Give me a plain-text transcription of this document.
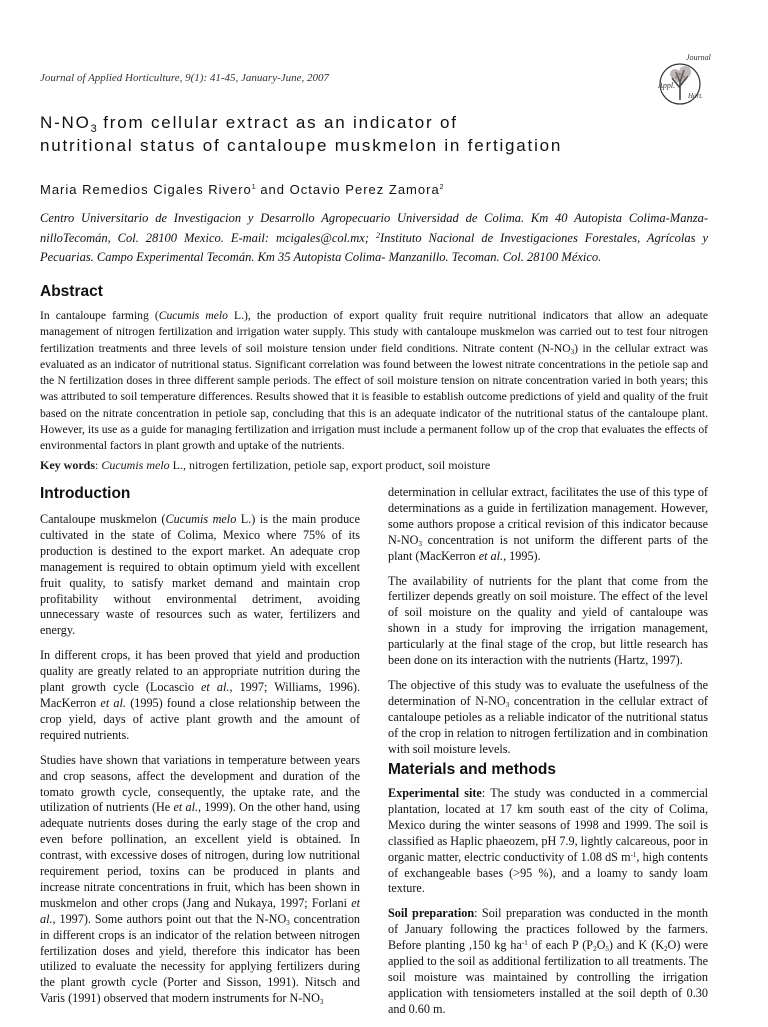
Journal of Applied Horticulture, 9(1): 41-45, January-June, 2007
Journal
Appl.
Hort.
$N-NO_3$ from cellular extract as an indicator of
nutritional status of cantaloupe muskmelon in fertigation
Maria Remedios Cigales Rivero$^1$ and Octavio Perez Zamora$^2$
Centro Universitario de Investigacion y Desarrollo Agropecuario Universidad de Colima. Km 40 Autopista Colima-Manza-nilloTecomán, Col. 28100 Mexico. E-mail: mcigales@col.mx; $^2$Instituto Nacional de Investigaciones Forestales, Agrícolas y Pecuarias. Campo Experimental Tecomán. Km 35 Autopista Colima- Manzanillo. Tecoman. Col. 28100 México.
Abstract
In cantaloupe farming (Cucumis melo L.), the production of export quality fruit require nutritional indicators that allow an adequate management of nitrogen fertilization and irrigation water supply. This study with cantaloupe muskmelon was carried out to test four nitrogen fertilization treatments and three levels of soil moisture tension under field conditions. Nitrate content $(N-NO_3)$ in the cellular extract was evaluated as an indicator of nutritional status. Significant correlation was found between the lowest nitrate concentrations in the petiole sap and the N fertilization doses in three different sample periods. The effect of soil moisture tension on nitrate concentration varied in both years; this was attributed to soil temperature differences. Results showed that it is feasible to establish outcome predictions of yield and quality of the fruit based on the nitrate concentration in petiole sap, concluding that this is an adequate indicator of the nutritional status of the cantaloupe plant. However, its use as a guide for managing fertilization and irrigation must include a permanent follow up of the crop that evaluates the effects of environmental factors in plant growth and uptake of the nutrients.
Key words: Cucumis melo L., nitrogen fertilization, petiole sap, export product, soil moisture
Introduction

Cantaloupe muskmelon (Cucumis melo L.) is the main produce cultivated in the state of Colima, Mexico where 75% of its production is destined to the export market. An adequate crop management is required to obtain optimum yield with excellent fruit quality, to satisfy market demand and maintain crop profitability without environmental detriment, avoiding unnecessary waste of resources such as water, fertilizers and energy.

In different crops, it has been proved that yield and production quality are greatly related to an appropriate nutrition during the plant growth cycle (Locascio et al., 1997; Williams, 1996). MacKerron et al. (1995) found a close relationship between the crop yield, days of active plant growth and the amount of required nutrients.

Studies have shown that variations in temperature between years and crop seasons, affect the development and duration of the tomato growth cycle, consequently, the uptake rate, and the utilization of nutrients (He et al., 1999). On the other hand, using adequate nutrients doses during the early stage of the crop and even before pollination, an excellent yield is obtained. In contrast, with excessive doses of nitrogen, during low nutritional requirement period, toxins can be produced in plants and increase nitrate concentrations in fruit, which has been shown in muskmelon and other crops (Jang and Nukaya, 1997; Forlani et al., 1997). Some authors point out that the $N-NO_3$ concentration in different crops is an indicator of the relation between nitrogen fertilization doses and yield, therefore this indicator has been utilized to evaluate the necessity for applying fertilizers during the plant growth cycle (Porter and Sisson, 1991). Nitsch and Varis (1991) observed that modern instruments for $N-NO_3$

determination in cellular extract, facilitates the use of this type of determinations as a guide in fertilization management. However, some authors propose a critical revision of this indicator because $N-NO_3$ concentration is not uniform the different parts of the plant (MacKerron et al., 1995).

The availability of nutrients for the plant that come from the fertilizer depends greatly on soil moisture. The effect of the level of soil moisture on the quality and yield of cantaloupe was shown in a study for improving the irrigation management, particularly at the final stage of the crop, but little research has been done on its interaction with the nutrients (Hartz, 1997).

The objective of this study was to evaluate the usefulness of the determination of $N-NO_3$ concentration in the cellular extract of cantaloupe petioles as a reliable indicator of the nutritional status of the crop in relation to nitrogen fertilization and in combination with soil moisture levels.

Materials and methods

Experimental site: The study was conducted in a commercial plantation, located at 17 km south east of the city of Colima, Mexico during the winter seasons of 1998 and 1999. The soil is classified as Haplic phaeozem, pH 7.9, lightly calcareous, poor in organic matter, electric conductivity of 1.08 dS $m^{-1}$, high contents of exchangeable bases (>95 %), and a loamy to sandy loam texture.

Soil preparation: Soil preparation was conducted in the month of January following the practices followed by the farmers. Before planting ,150 kg $ha^{-1}$ of each P $(P_2O_5)$ and K $(K_2O)$ were applied to the soil as additional fertilization to all treatments. The soil moisture was maintained by controlling the irrigation application with tensiometers installed at the soil depth of 0.30 and 0.60 m.
